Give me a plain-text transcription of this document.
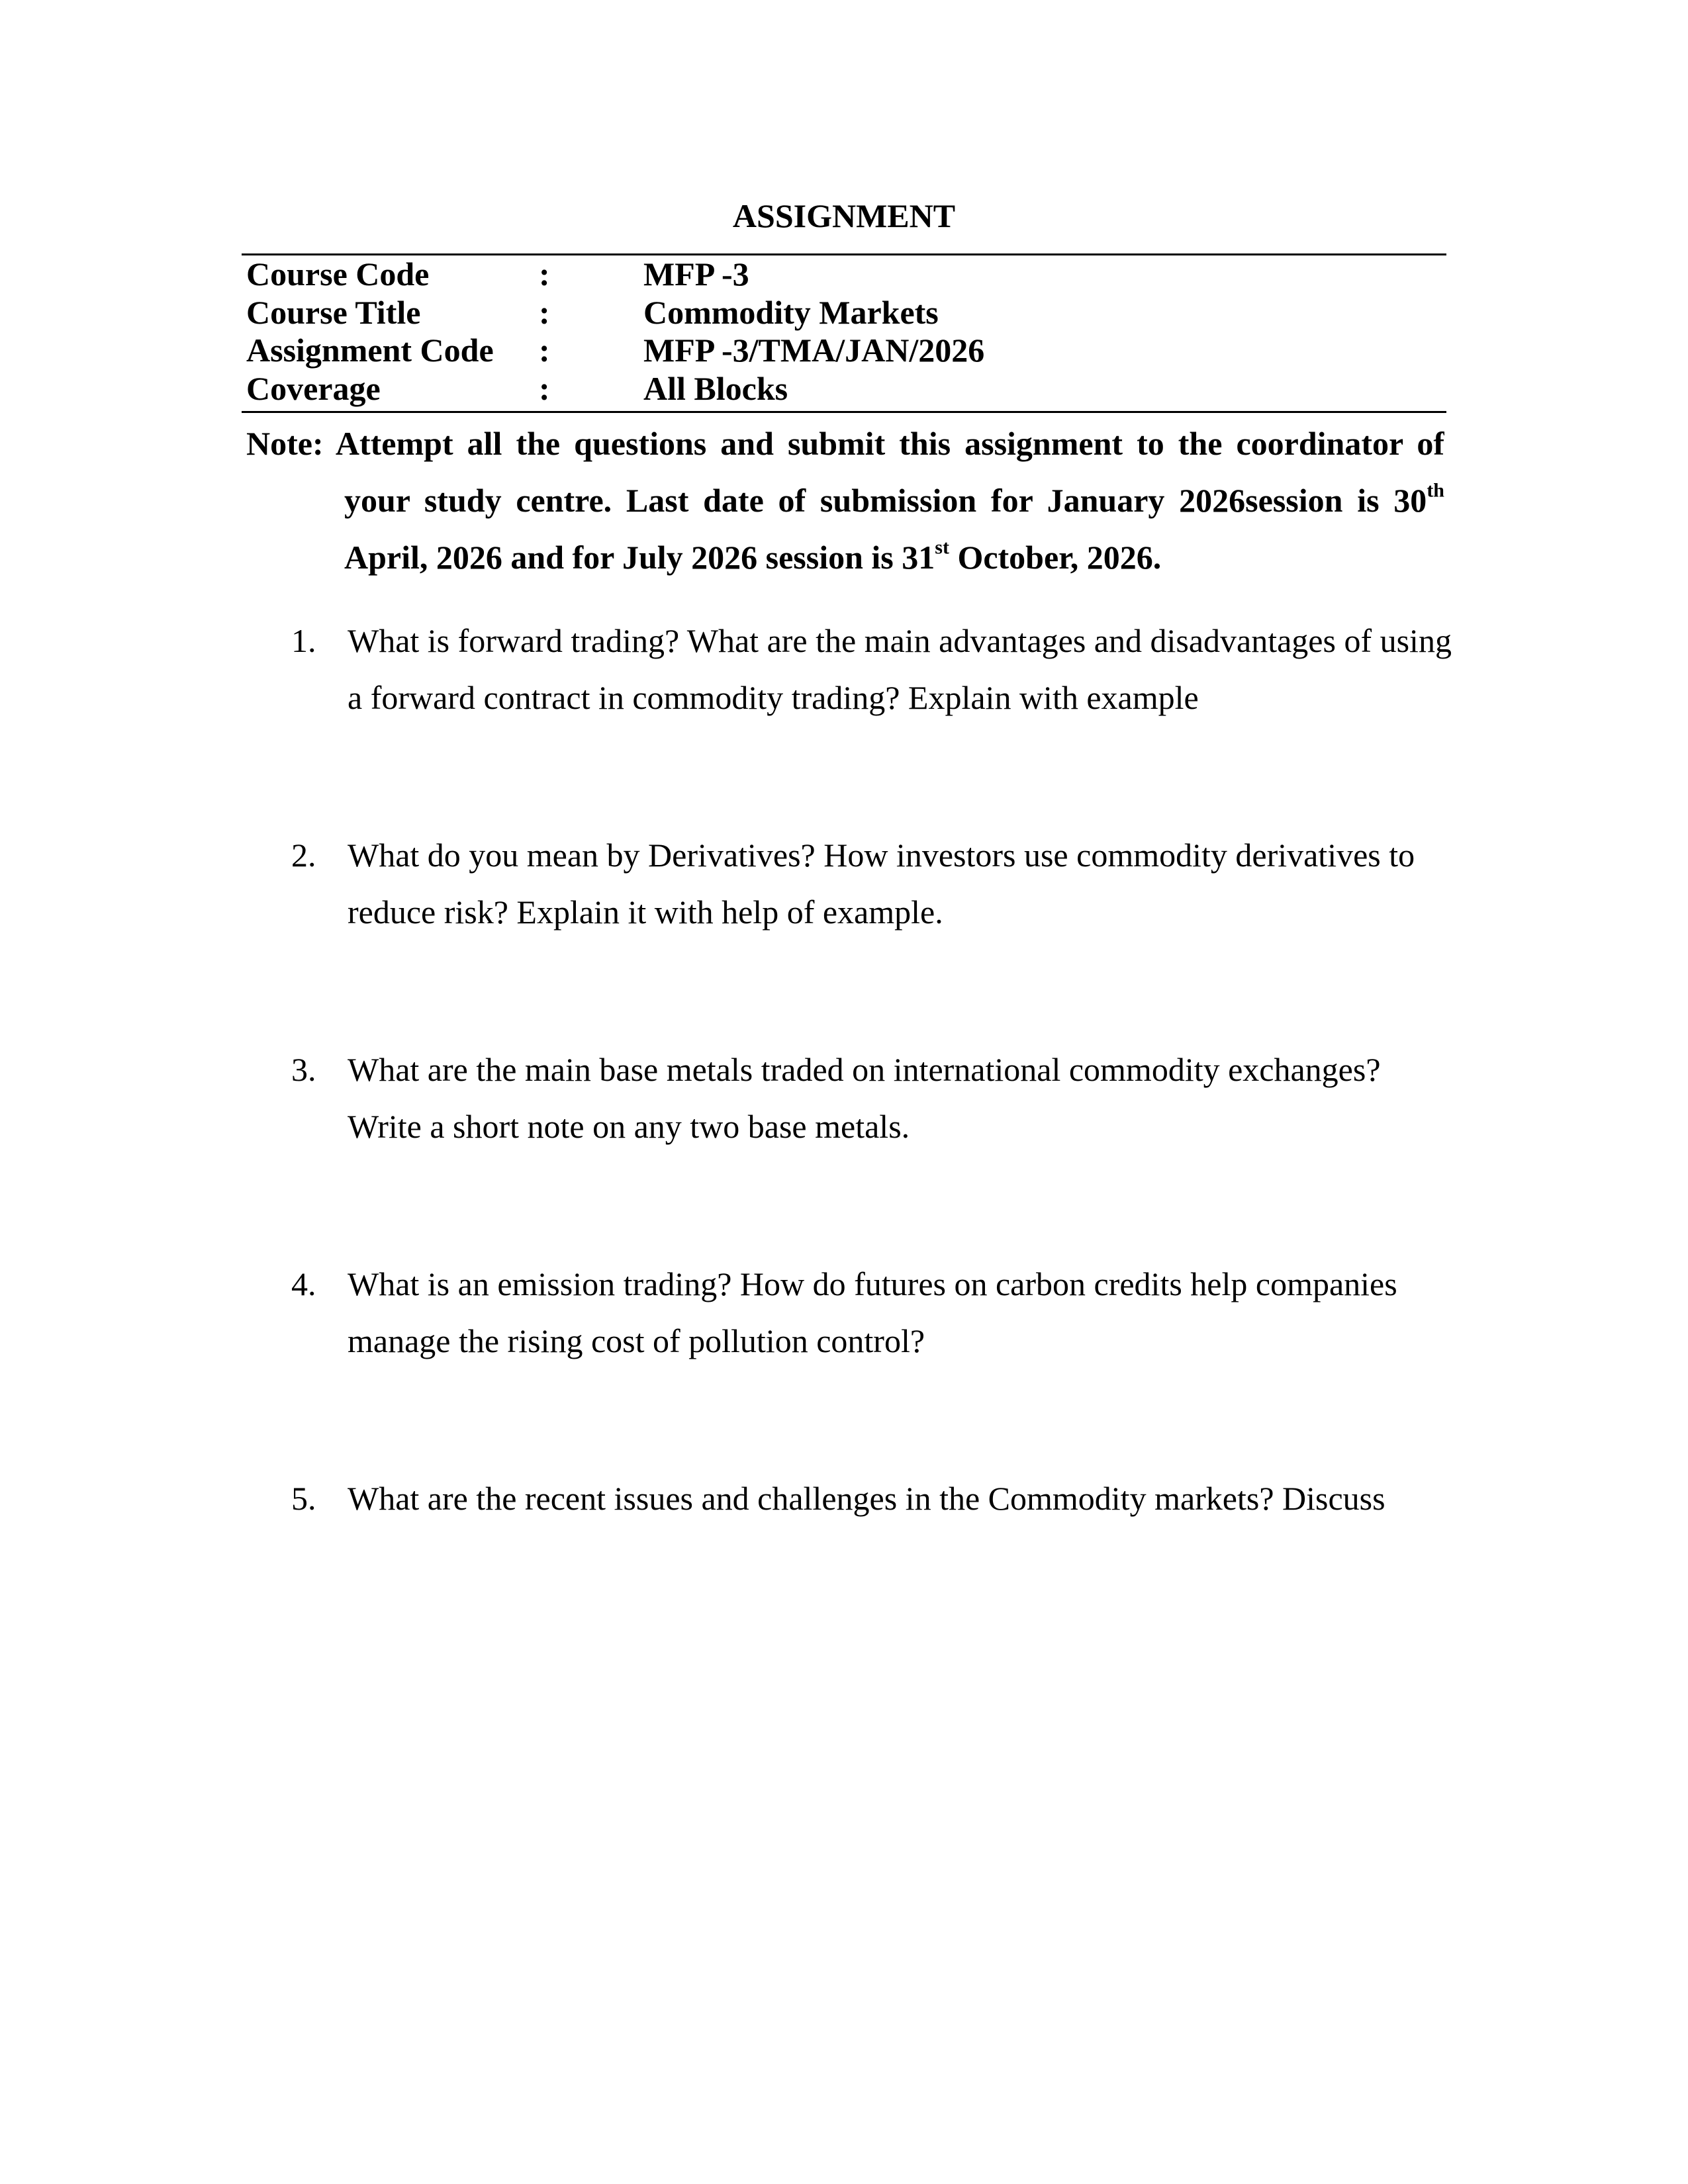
ASSIGNMENT
Course Code	:	MFP -3
Course Title	:	Commodity Markets
Assignment Code :	MFP -3/TMA/JAN/2026
Coverage	:	All Blocks
Note: Attempt all the questions and submit this assignment to the coordinator of
your study centre. Last date of submission for January 2026session is 30th
April, 2026 and for July 2026 session is 31st October, 2026.
1. What is forward trading? What are the main advantages and disadvantages of using a forward contract in commodity trading? Explain with example
2. What do you mean by Derivatives? How investors use commodity derivatives to reduce risk? Explain it with help of example.
3. What are the main base metals traded on international commodity exchanges? Write a short note on any two base metals.
4. What is an emission trading? How do futures on carbon credits help companies manage the rising cost of pollution control?
5. What are the recent issues and challenges in the Commodity markets? Discuss
